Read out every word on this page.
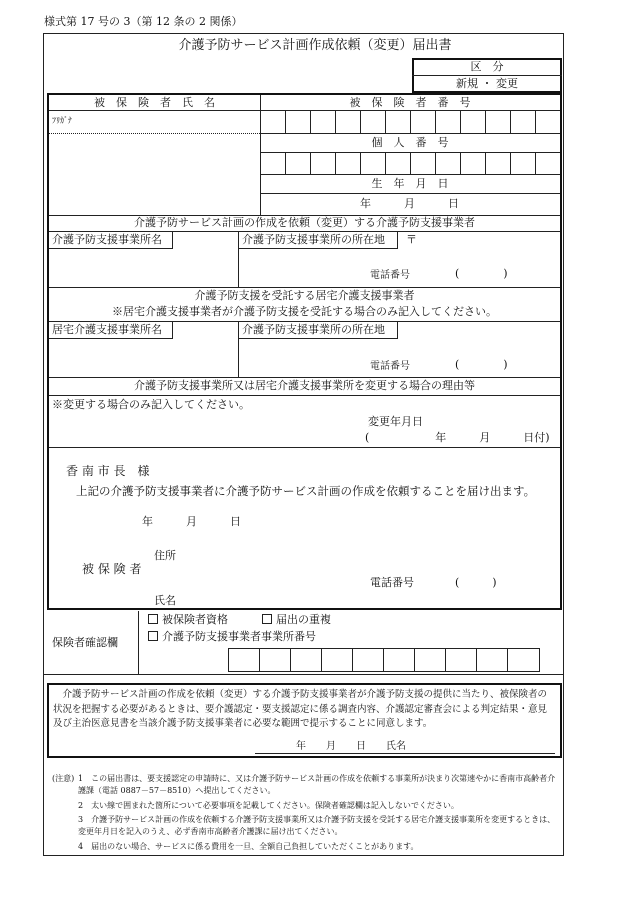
様式第 17 号の 3（第 12 条の 2 関係）
介護予防サービス計画作成依頼（変更）届出書
区　分
新規 ・ 変更
被　保　険　者　氏　名	被　保　険　者　番　号
ﾌﾘｶﾞﾅ
個　人　番　号
生　年　月　日
年　　　月　　　日
介護予防サービス計画の作成を依頼（変更）する介護予防支援事業者
介護予防支援事業所名	介護予防支援事業所の所在地 〒
電話番号	(　　　　)
介護予防支援を受託する居宅介護支援事業者
※居宅介護支援事業者が介護予防支援を受託する場合のみ記入してください。
居宅介護支援事業所名	介護予防支援事業所の所在地
電話番号	(　　　　)
介護予防支援事業所又は居宅介護支援事業所を変更する場合の理由等
※変更する場合のみ記入してください。
変更年月日
(　　　　　　年　　　月　　　日付)
香 南 市 長　様
上記の介護予防支援事業者に介護予防サービス計画の作成を依頼することを届け出ます。
年　　　月　　　日
住所
被 保 険 者
電話番号	(　　　)
氏名
保険者確認欄
被保険者資格	届出の重複
介護予防支援事業者事業所番号
介護予防サービス計画の作成を依頼（変更）する介護予防支援事業者が介護予防支援の提供に当たり、被保険者の状況を把握する必要があるときは、要介護認定・要支援認定に係る調査内容、介護認定審査会による判定結果・意見及び主治医意見書を当該介護予防支援事業者に必要な範囲で提示することに同意します。
年　　月　　日　　氏名
(注意) 1　この届出書は、要支援認定の申請時に、又は介護予防サービス計画の作成を依頼する事業所が決まり次第速やかに香南市高齢者介護課（電話 0887－57－8510）へ提出してください。
2　太い線で囲まれた箇所について必要事項を記載してください。保険者確認欄は記入しないでください。
3　介護予防サービス計画の作成を依頼する介護予防支援事業所又は介護予防支援を受託する居宅介護支援事業所を変更するときは、変更年月日を記入のうえ、必ず香南市高齢者介護課に届け出てください。
4　届出のない場合、サービスに係る費用を一旦、全額自己負担していただくことがあります。
